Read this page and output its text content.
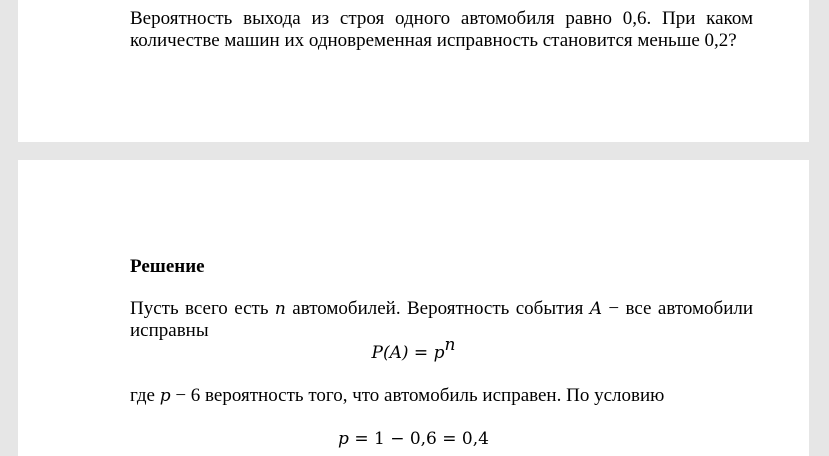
Вероятность выхода из строя одного автомобиля равно 0,6. При каком
количестве машин их одновременная исправность становится меньше 0,2?
Решение
Пусть всего есть n автомобилей. Вероятность события A − все автомобили
исправны
$P(A) = p^n$
где p − 6 вероятность того, что автомобиль исправен. По условию
p = 1 − 0,6 = 0,4
